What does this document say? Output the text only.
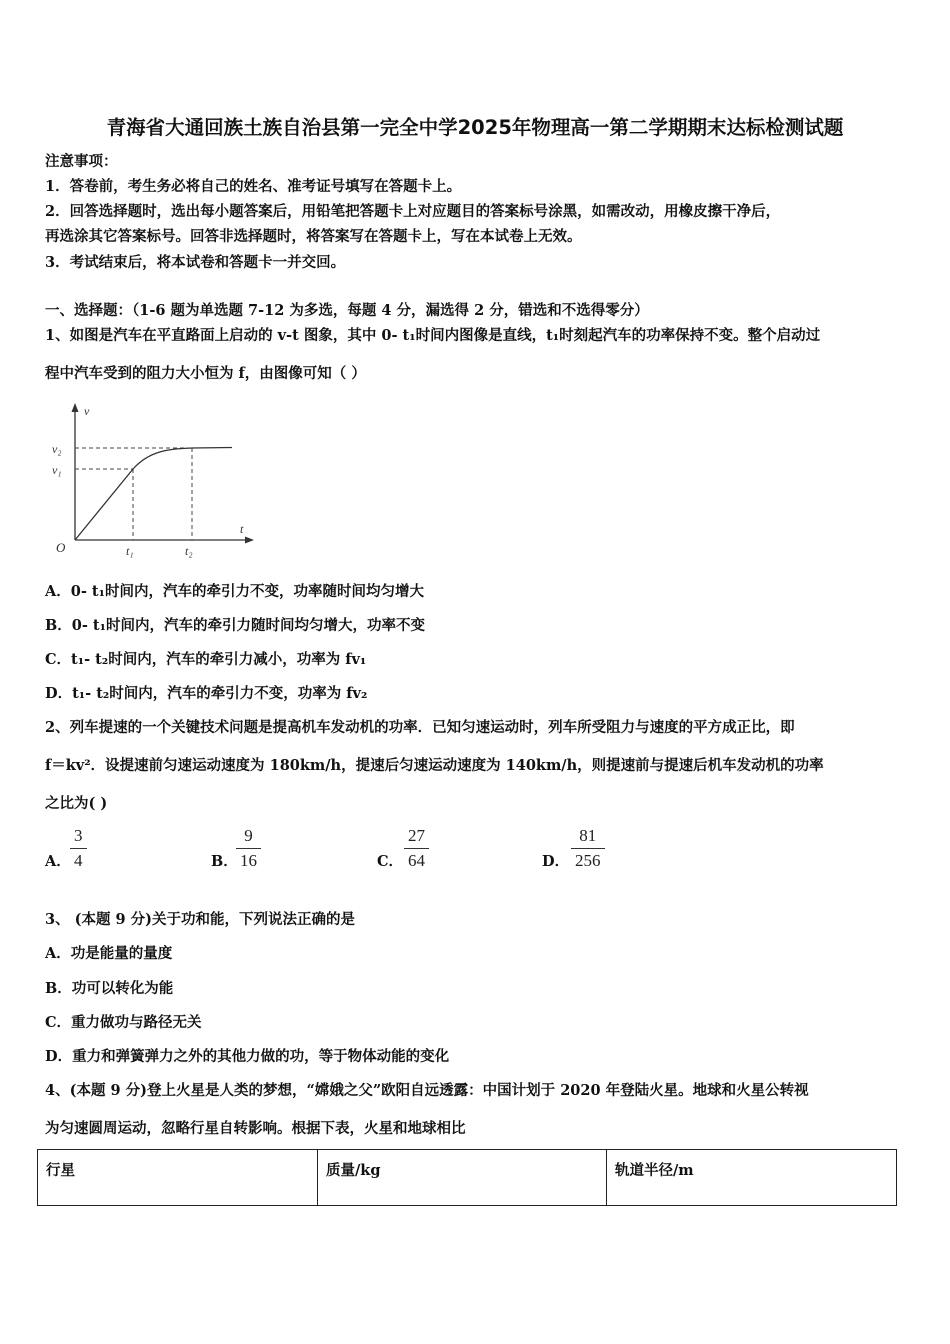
青海省大通回族土族自治县第一完全中学2025年物理高一第二学期期末达标检测试题
注意事项：
1．答卷前，考生务必将自己的姓名、准考证号填写在答题卡上。
2．回答选择题时，选出每小题答案后，用铅笔把答题卡上对应题目的答案标号涂黑，如需改动，用橡皮擦干净后，
再选涂其它答案标号。回答非选择题时，将答案写在答题卡上，写在本试卷上无效。
3．考试结束后，将本试卷和答题卡一并交回。
一、选择题：（1-6 题为单选题 7-12 为多选，每题 4 分，漏选得 2 分，错选和不选得零分）
1、如图是汽车在平直路面上启动的 v-t 图象，其中 0- t₁时间内图像是直线，t₁时刻起汽车的功率保持不变。整个启动过
程中汽车受到的阻力大小恒为 f，由图像可知（ ）
v
t
O
v₂
v₁
t₁	t₂
A．0- t₁时间内，汽车的牵引力不变，功率随时间均匀增大
B．0- t₁时间内，汽车的牵引力随时间均匀增大，功率不变
C．t₁- t₂时间内，汽车的牵引力减小，功率为 fv₁
D．t₁- t₂时间内，汽车的牵引力不变，功率为 fv₂
2、列车提速的一个关键技术问题是提高机车发动机的功率．已知匀速运动时，列车所受阻力与速度的平方成正比，即
f＝kv²．设提速前匀速运动速度为 180km/h，提速后匀速运动速度为 140km/h，则提速前与提速后机车发动机的功率
之比为( )
A．
3
4	B．
9
16	C．
27
64	D．
81
256
3、 (本题 9 分)关于功和能，下列说法正确的是
A．功是能量的量度
B．功可以转化为能
C．重力做功与路径无关
D．重力和弹簧弹力之外的其他力做的功，等于物体动能的变化
4、(本题 9 分)登上火星是人类的梦想，“嫦娥之父”欧阳自远透露：中国计划于 2020 年登陆火星。地球和火星公转视
为匀速圆周运动，忽略行星自转影响。根据下表，火星和地球相比
行星	质量/kg	轨道半径/m
